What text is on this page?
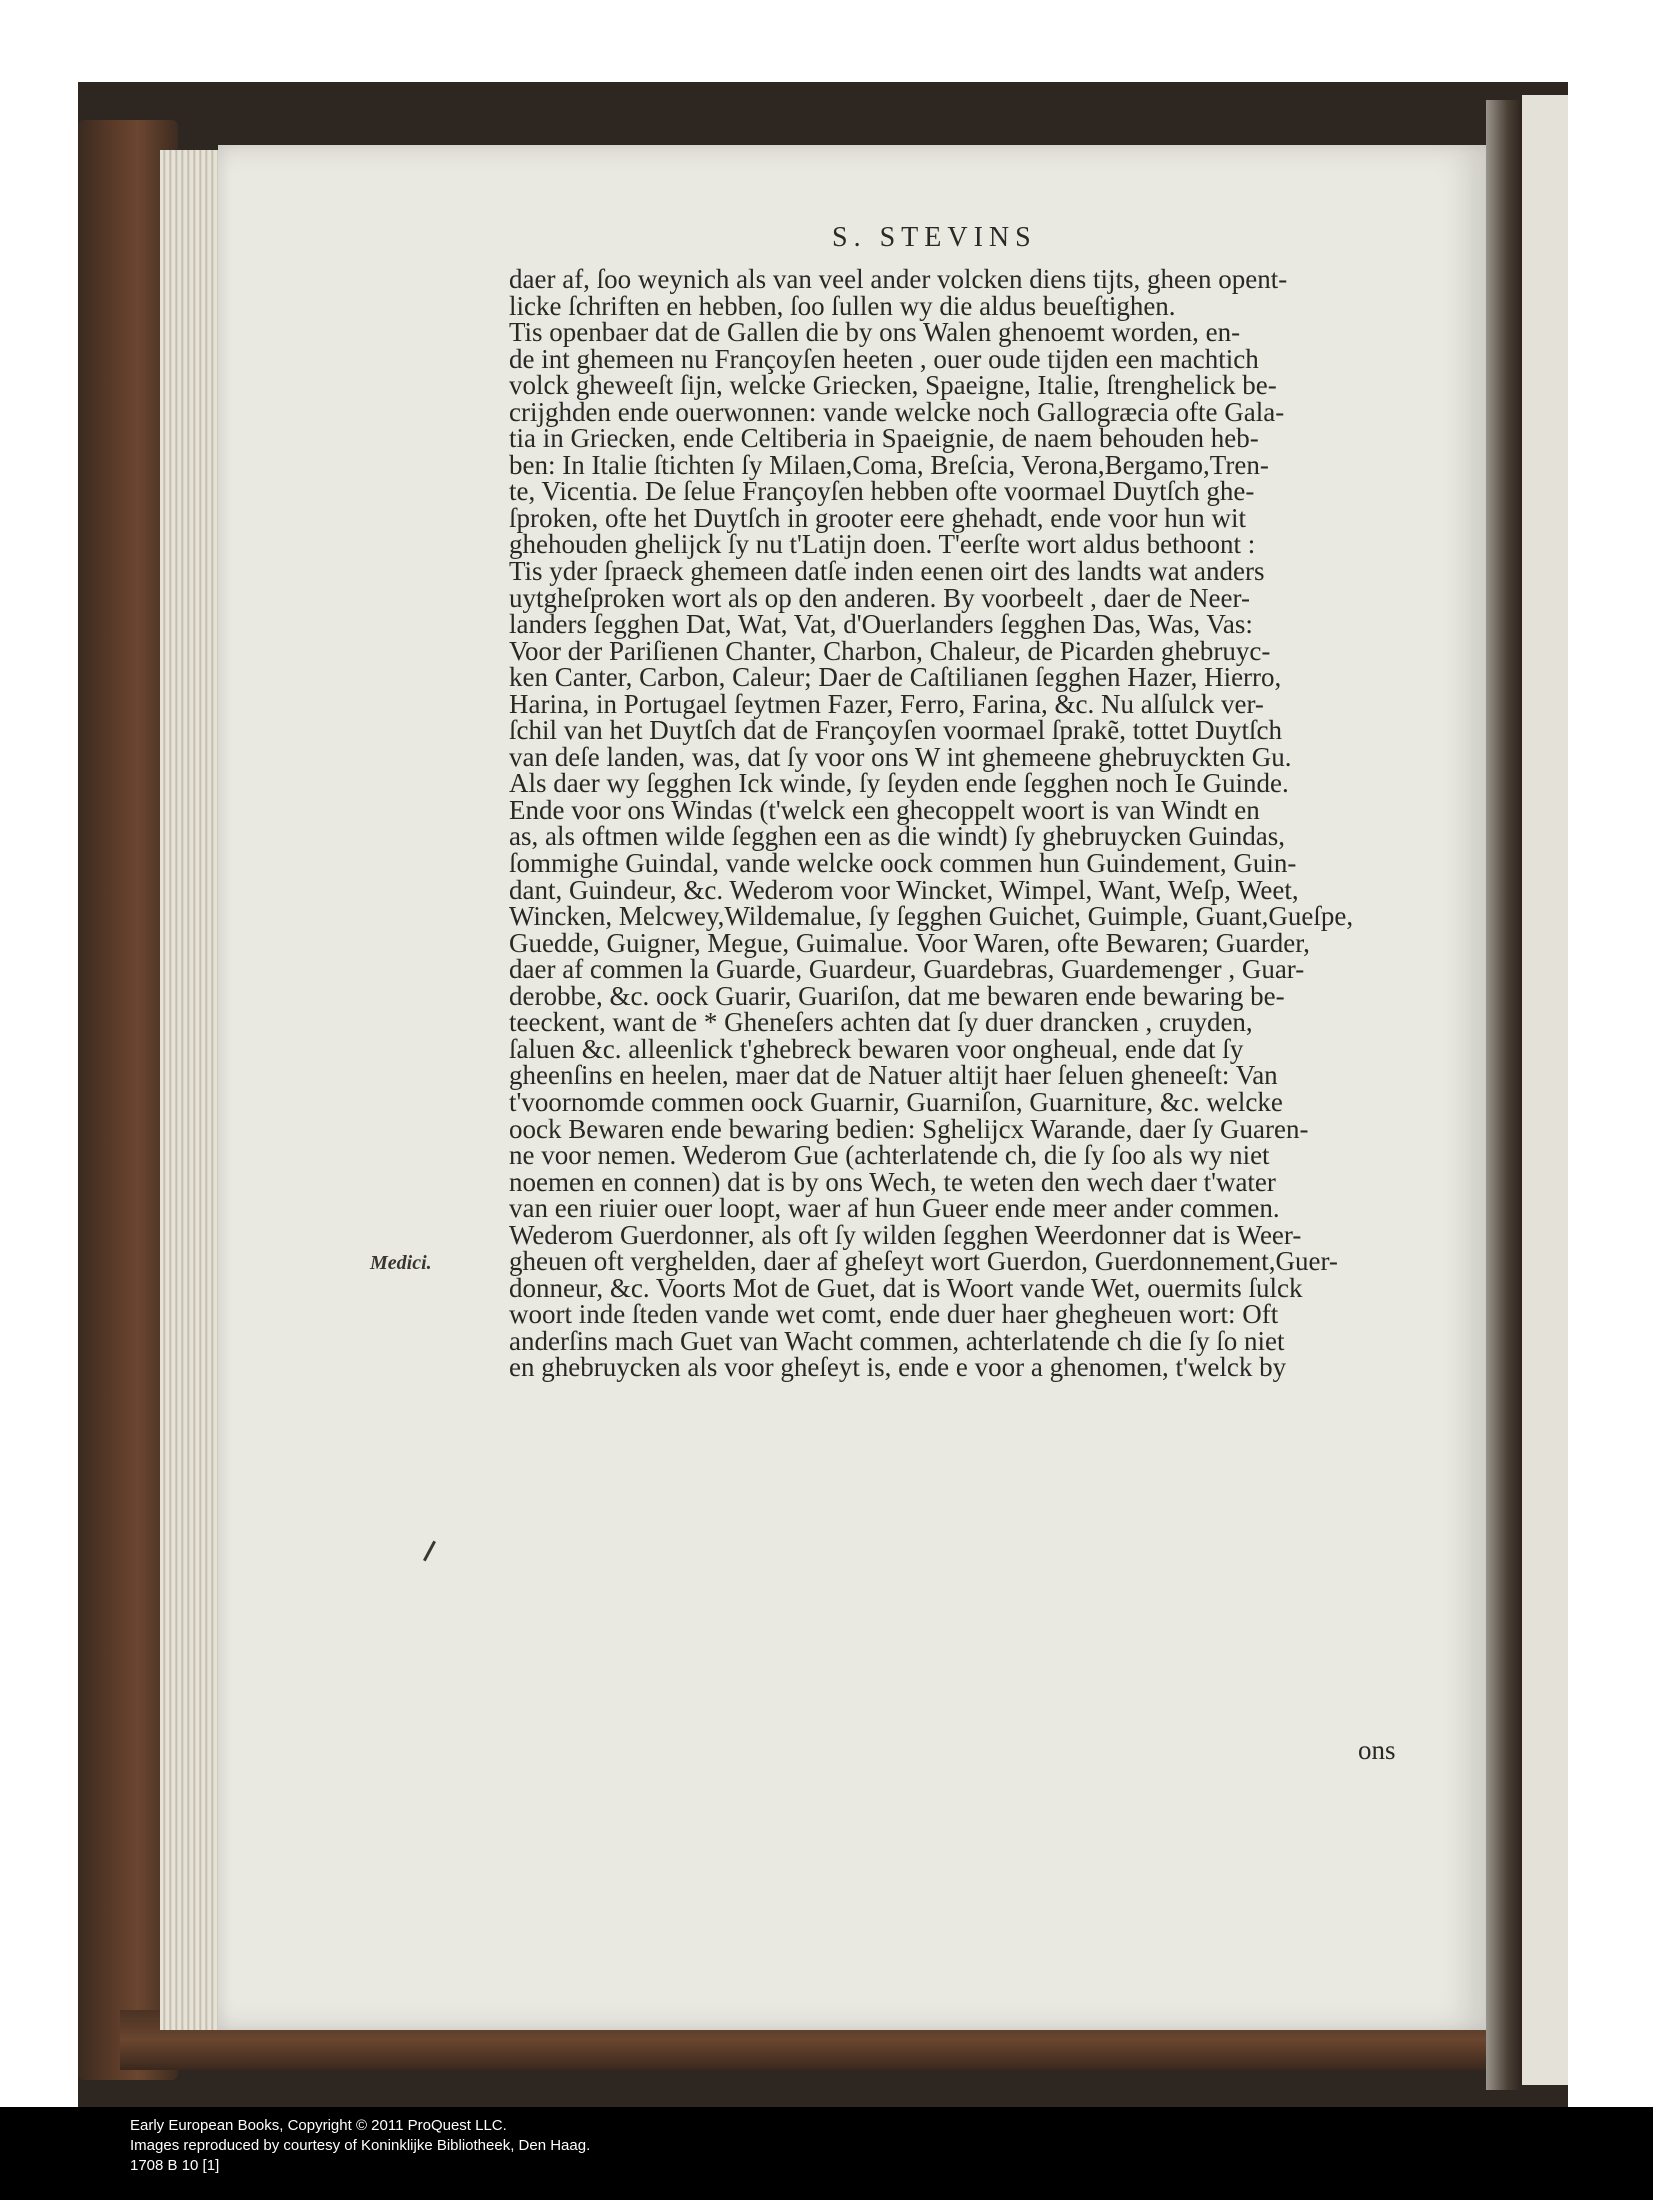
S. STEVINS
daer af, ſoo weynich als van veel ander volcken diens tijts, gheen opent-
licke ſchriften en hebben, ſoo ſullen wy die aldus beueſtighen.
Tis openbaer dat de Gallen die by ons Walen ghenoemt worden, en-
de int ghemeen nu Françoyſen heeten , ouer oude tijden een machtich
volck gheweeſt ſijn, welcke Griecken, Spaeigne, Italie, ſtrenghelick be-
crijghden ende ouerwonnen: vande welcke noch Gallogræcia ofte Gala-
tia in Griecken, ende Celtiberia in Spaeignie, de naem behouden heb-
ben: In Italie ſtichten ſy Milaen,Coma, Breſcia, Verona,Bergamo,Tren-
te, Vicentia. De ſelue Françoyſen hebben ofte voormael Duytſch ghe-
ſproken, ofte het Duytſch in grooter eere ghehadt, ende voor hun wit
ghehouden ghelijck ſy nu t'Latijn doen. T'eerſte wort aldus bethoont :
Tis yder ſpraeck ghemeen datſe inden eenen oirt des landts wat anders
uytgheſproken wort als op den anderen. By voorbeelt , daer de Neer-
landers ſegghen Dat, Wat, Vat, d'Ouerlanders ſegghen Das, Was, Vas:
Voor der Pariſienen Chanter, Charbon, Chaleur, de Picarden ghebruyc-
ken Canter, Carbon, Caleur; Daer de Caſtilianen ſegghen Hazer, Hierro,
Harina, in Portugael ſeytmen Fazer, Ferro, Farina, &c. Nu alſulck ver-
ſchil van het Duytſch dat de Françoyſen voormael ſprakẽ, tottet Duytſch
van deſe landen, was, dat ſy voor ons W int ghemeene ghebruyckten Gu.
Als daer wy ſegghen Ick winde, ſy ſeyden ende ſegghen noch Ie Guinde.
Ende voor ons Windas (t'welck een ghecoppelt woort is van Windt en
as, als oftmen wilde ſegghen een as die windt) ſy ghebruycken Guindas,
ſommighe Guindal, vande welcke oock commen hun Guindement, Guin-
dant, Guindeur, &c. Wederom voor Wincket, Wimpel, Want, Weſp, Weet,
Wincken, Melcwey,Wildemalue, ſy ſegghen Guichet, Guimple, Guant,Gueſpe,
Guedde, Guigner, Megue, Guimalue. Voor Waren, ofte Bewaren; Guarder,
daer af commen la Guarde, Guardeur, Guardebras, Guardemenger , Guar-
derobbe, &c. oock Guarir, Guariſon, dat me bewaren ende bewaring be-
teeckent, want de * Gheneſers achten dat ſy duer drancken , cruyden,
ſaluen &c. alleenlick t'ghebreck bewaren voor ongheual, ende dat ſy
gheenſins en heelen, maer dat de Natuer altijt haer ſeluen gheneeſt: Van
t'voornomde commen oock Guarnir, Guarniſon, Guarniture, &c. welcke
oock Bewaren ende bewaring bedien: Sghelijcx Warande, daer ſy Guaren-
ne voor nemen. Wederom Gue (achterlatende ch, die ſy ſoo als wy niet
noemen en connen) dat is by ons Wech, te weten den wech daer t'water
van een riuier ouer loopt, waer af hun Gueer ende meer ander commen.
Wederom Guerdonner, als oft ſy wilden ſegghen Weerdonner dat is Weer-
gheuen oft verghelden, daer af gheſeyt wort Guerdon, Guerdonnement,Guer-
donneur, &c. Voorts Mot de Guet, dat is Woort vande Wet, ouermits ſulck
woort inde ſteden vande wet comt, ende duer haer ghegheuen wort: Oft
anderſins mach Guet van Wacht commen, achterlatende ch die ſy ſo niet
en ghebruycken als voor gheſeyt is, ende e voor a ghenomen, t'welck by
Medici.
ons
Early European Books, Copyright © 2011 ProQuest LLC.
Images reproduced by courtesy of Koninklijke Bibliotheek, Den Haag.
1708 B 10 [1]
